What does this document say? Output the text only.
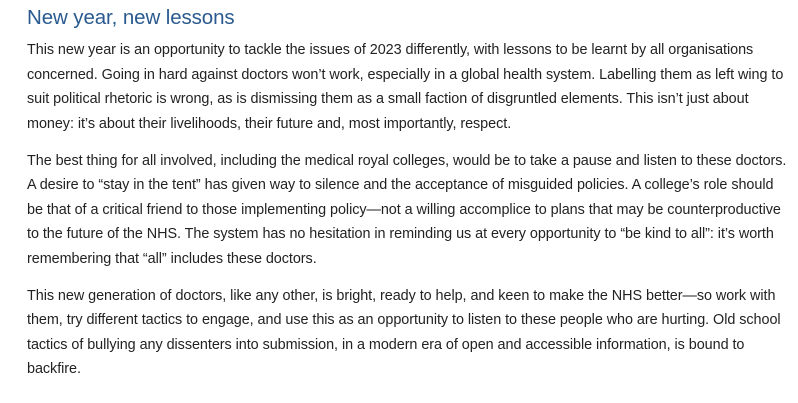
New year, new lessons

This new year is an opportunity to tackle the issues of 2023 differently, with lessons to be learnt by all organisations concerned. Going in hard against doctors won’t work, especially in a global health system. Labelling them as left wing to suit political rhetoric is wrong, as is dismissing them as a small faction of disgruntled elements. This isn’t just about money: it’s about their livelihoods, their future and, most importantly, respect.

The best thing for all involved, including the medical royal colleges, would be to take a pause and listen to these doctors. A desire to “stay in the tent” has given way to silence and the acceptance of misguided policies. A college’s role should be that of a critical friend to those implementing policy—not a willing accomplice to plans that may be counterproductive to the future of the NHS. The system has no hesitation in reminding us at every opportunity to “be kind to all”: it’s worth remembering that “all” includes these doctors.

This new generation of doctors, like any other, is bright, ready to help, and keen to make the NHS better—so work with them, try different tactics to engage, and use this as an opportunity to listen to these people who are hurting. Old school tactics of bullying any dissenters into submission, in a modern era of open and accessible information, is bound to backfire.
